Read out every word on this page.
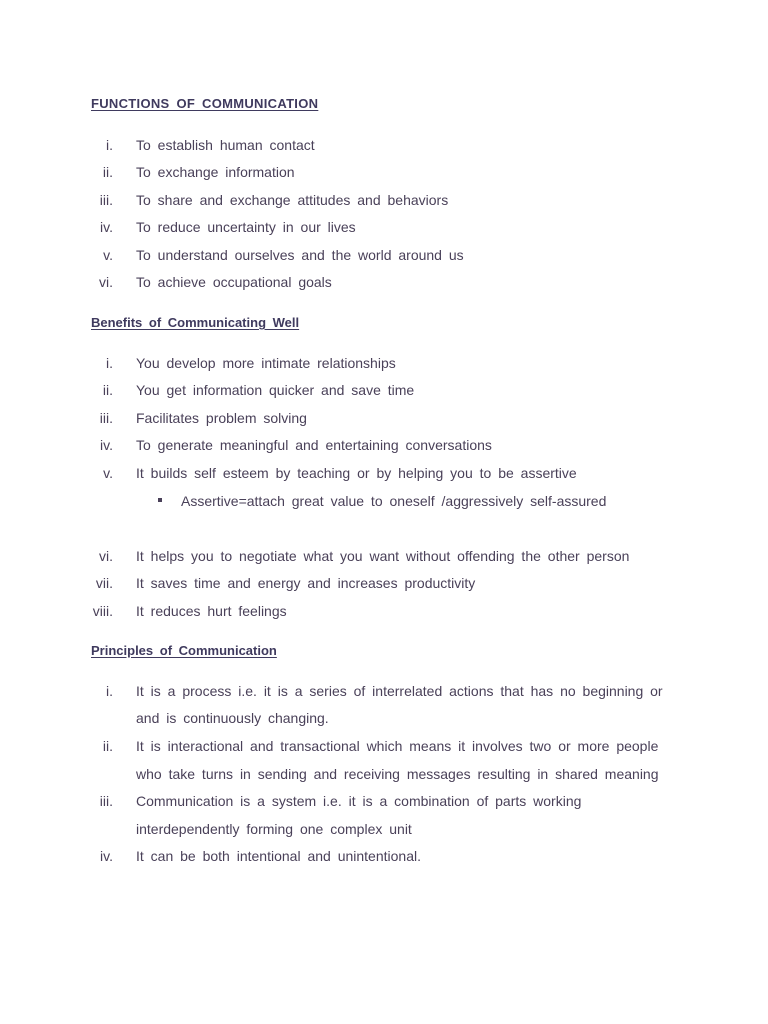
FUNCTIONS OF COMMUNICATION
i. To establish human contact
ii. To exchange information
iii. To share and exchange attitudes and behaviors
iv. To reduce uncertainty in our lives
v. To understand ourselves and the world around us
vi. To achieve occupational goals
Benefits of Communicating Well
i. You develop more intimate relationships
ii. You get information quicker and save time
iii. Facilitates problem solving
iv. To generate meaningful and entertaining conversations
v. It builds self esteem by teaching or by helping you to be assertive
Assertive=attach great value to oneself /aggressively self-assured
vi. It helps you to negotiate what you want without offending the other person
vii. It saves time and energy and increases productivity
viii. It reduces hurt feelings
Principles of Communication
i. It is a process i.e. it is a series of interrelated actions that has no beginning or
and is continuously changing.
ii. It is interactional and transactional which means it involves two or more people
who take turns in sending and receiving messages resulting in shared meaning
iii. Communication is a system i.e. it is a combination of parts working
interdependently forming one complex unit
iv. It can be both intentional and unintentional.
